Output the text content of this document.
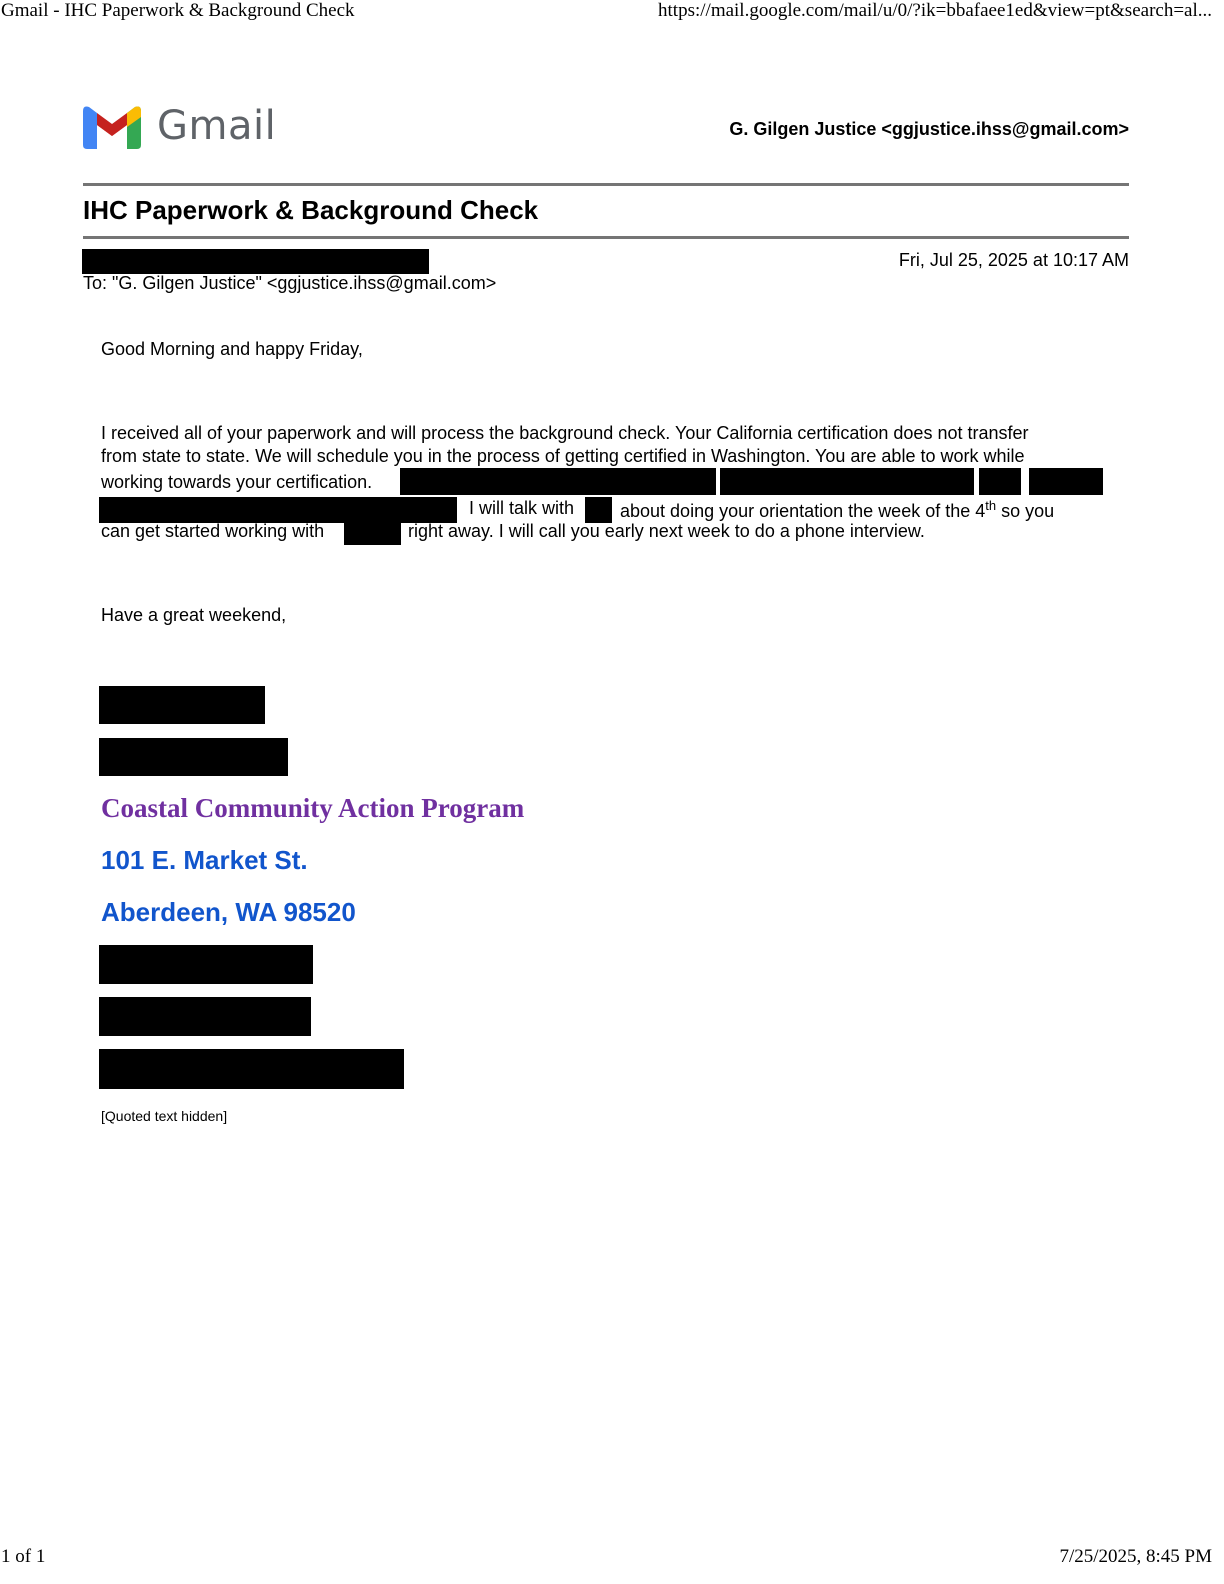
Gmail - IHC Paperwork & Background Check	https://mail.google.com/mail/u/0/?ik=bbafaee1ed&view=pt&search=al...
Gmail	G. Gilgen Justice <ggjustice.ihss@gmail.com>
IHC Paperwork & Background Check
Fri, Jul 25, 2025 at 10:17 AM
To: "G. Gilgen Justice" <ggjustice.ihss@gmail.com>
Good Morning and happy Friday,
I received all of your paperwork and will process the background check. Your California certification does not transfer
from state to state. We will schedule you in the process of getting certified in Washington. You are able to work while
working towards your certification.
I will talk with	about doing your orientation the week of the 4th so you
can get started working with	right away. I will call you early next week to do a phone interview.
Have a great weekend,
Coastal Community Action Program
101 E. Market St.
Aberdeen, WA 98520
[Quoted text hidden]
1 of 1	7/25/2025, 8:45 PM
